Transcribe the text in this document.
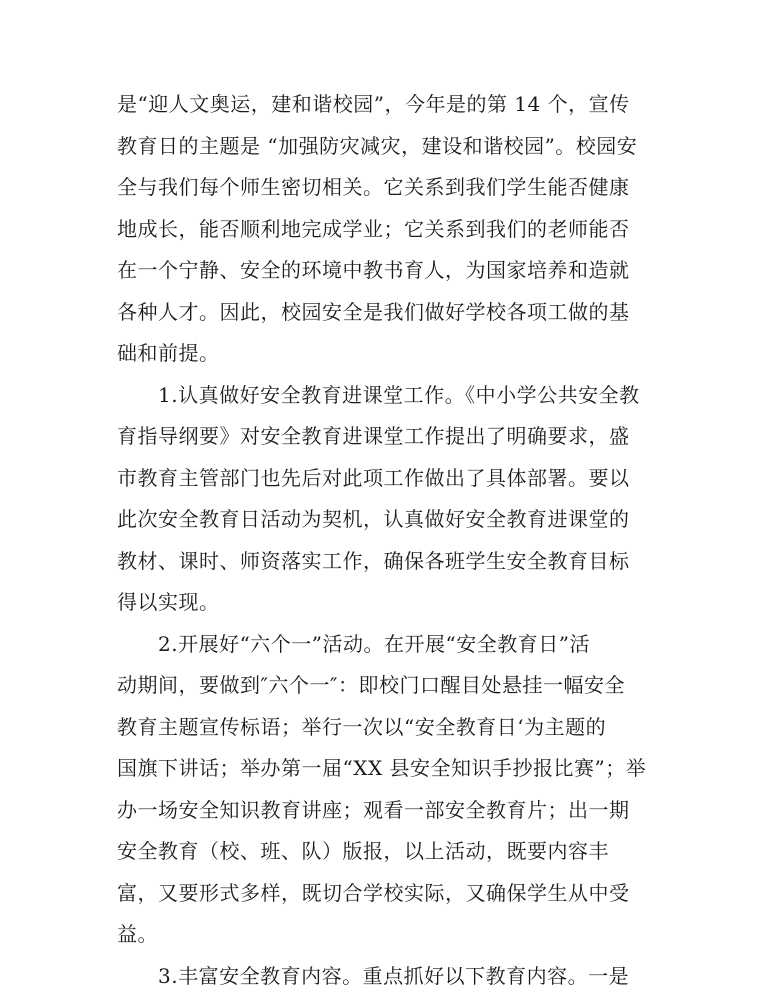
是“迎人文奥运，建和谐校园”，今年是的第 14 个，宣传
教育日的主题是 “加强防灾减灾，建设和谐校园”。校园安
全与我们每个师生密切相关。它关系到我们学生能否健康
地成长，能否顺利地完成学业；它关系到我们的老师能否
在一个宁静、安全的环境中教书育人，为国家培养和造就
各种人才。因此，校园安全是我们做好学校各项工做的基
础和前提。
1.认真做好安全教育进课堂工作。《中小学公共安全教
育指导纲要》对安全教育进课堂工作提出了明确要求，盛
市教育主管部门也先后对此项工作做出了具体部署。要以
此次安全教育日活动为契机，认真做好安全教育进课堂的
教材、课时、师资落实工作，确保各班学生安全教育目标
得以实现。
2.开展好“六个一”活动。在开展“安全教育日”活
动期间，要做到″六个一″：即校门口醒目处悬挂一幅安全
教育主题宣传标语；举行一次以“安全教育日‘为主题的
国旗下讲话；举办第一届“XX 县安全知识手抄报比赛”；举
办一场安全知识教育讲座；观看一部安全教育片；出一期
安全教育（校、班、队）版报，以上活动，既要内容丰
富，又要形式多样，既切合学校实际，又确保学生从中受
益。
3.丰富安全教育内容。重点抓好以下教育内容。一是
